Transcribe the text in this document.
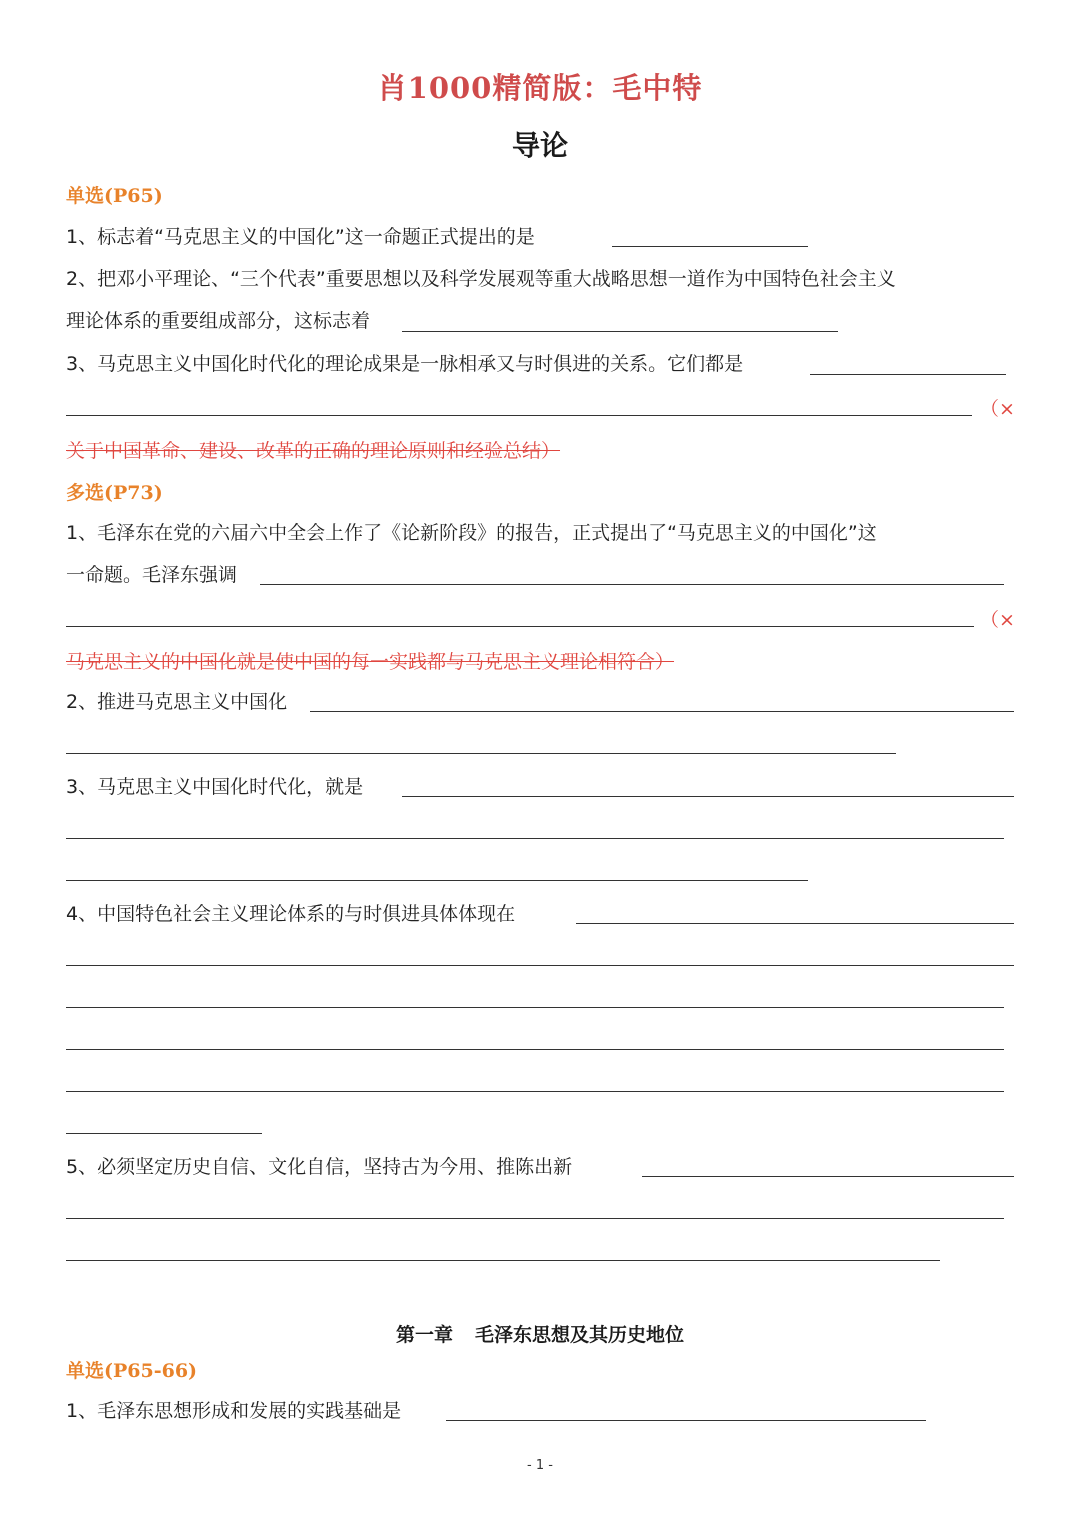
肖1000精简版：毛中特
导论
单选(P65)
1、标志着“马克思主义的中国化”这一命题正式提出的是
2、把邓小平理论、“三个代表”重要思想以及科学发展观等重大战略思想一道作为中国特色社会主义
理论体系的重要组成部分，这标志着
3、马克思主义中国化时代化的理论成果是一脉相承又与时俱进的关系。它们都是
（×
关于中国革命、建设、改革的正确的理论原则和经验总结）
多选(P73)
1、毛泽东在党的六届六中全会上作了《论新阶段》的报告，正式提出了“马克思主义的中国化”这
一命题。毛泽东强调
（×
马克思主义的中国化就是使中国的每一实践都与马克思主义理论相符合）
2、推进马克思主义中国化
3、马克思主义中国化时代化，就是
4、中国特色社会主义理论体系的与时俱进具体体现在
5、必须坚定历史自信、文化自信，坚持古为今用、推陈出新
第一章 毛泽东思想及其历史地位
单选(P65-66)
1、毛泽东思想形成和发展的实践基础是
- 1 -
